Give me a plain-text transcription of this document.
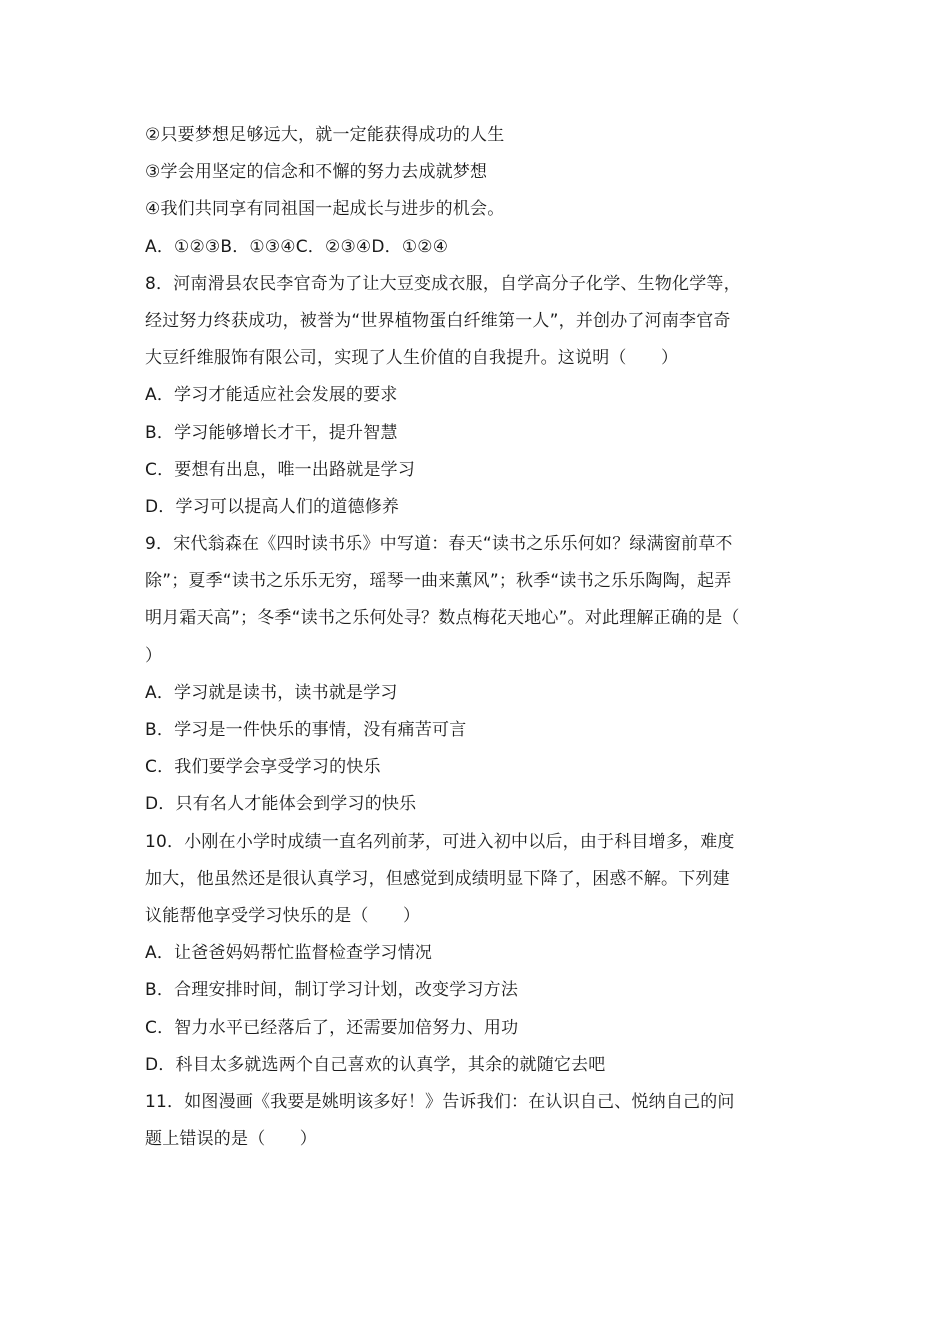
②只要梦想足够远大，就一定能获得成功的人生
③学会用坚定的信念和不懈的努力去成就梦想
④我们共同享有同祖国一起成长与进步的机会。
A．①②③B．①③④C．②③④D．①②④
8．河南滑县农民李官奇为了让大豆变成衣服，自学高分子化学、生物化学等，
经过努力终获成功，被誉为“世界植物蛋白纤维第一人”，并创办了河南李官奇
大豆纤维服饰有限公司，实现了人生价值的自我提升。这说明（　　）
A．学习才能适应社会发展的要求
B．学习能够增长才干，提升智慧
C．要想有出息，唯一出路就是学习
D．学习可以提高人们的道德修养
9．宋代翁森在《四时读书乐》中写道：春天“读书之乐乐何如？绿满窗前草不
除”；夏季“读书之乐乐无穷，瑶琴一曲来薰风”；秋季“读书之乐乐陶陶，起弄
明月霜天高”；冬季“读书之乐何处寻？数点梅花天地心”。对此理解正确的是（
）
A．学习就是读书，读书就是学习
B．学习是一件快乐的事情，没有痛苦可言
C．我们要学会享受学习的快乐
D．只有名人才能体会到学习的快乐
10．小刚在小学时成绩一直名列前茅，可进入初中以后，由于科目增多，难度
加大，他虽然还是很认真学习，但感觉到成绩明显下降了，困惑不解。下列建
议能帮他享受学习快乐的是（　　）
A．让爸爸妈妈帮忙监督检查学习情况
B．合理安排时间，制订学习计划，改变学习方法
C．智力水平已经落后了，还需要加倍努力、用功
D．科目太多就选两个自己喜欢的认真学，其余的就随它去吧
11．如图漫画《我要是姚明该多好！》告诉我们：在认识自己、悦纳自己的问
题上错误的是（　　）
